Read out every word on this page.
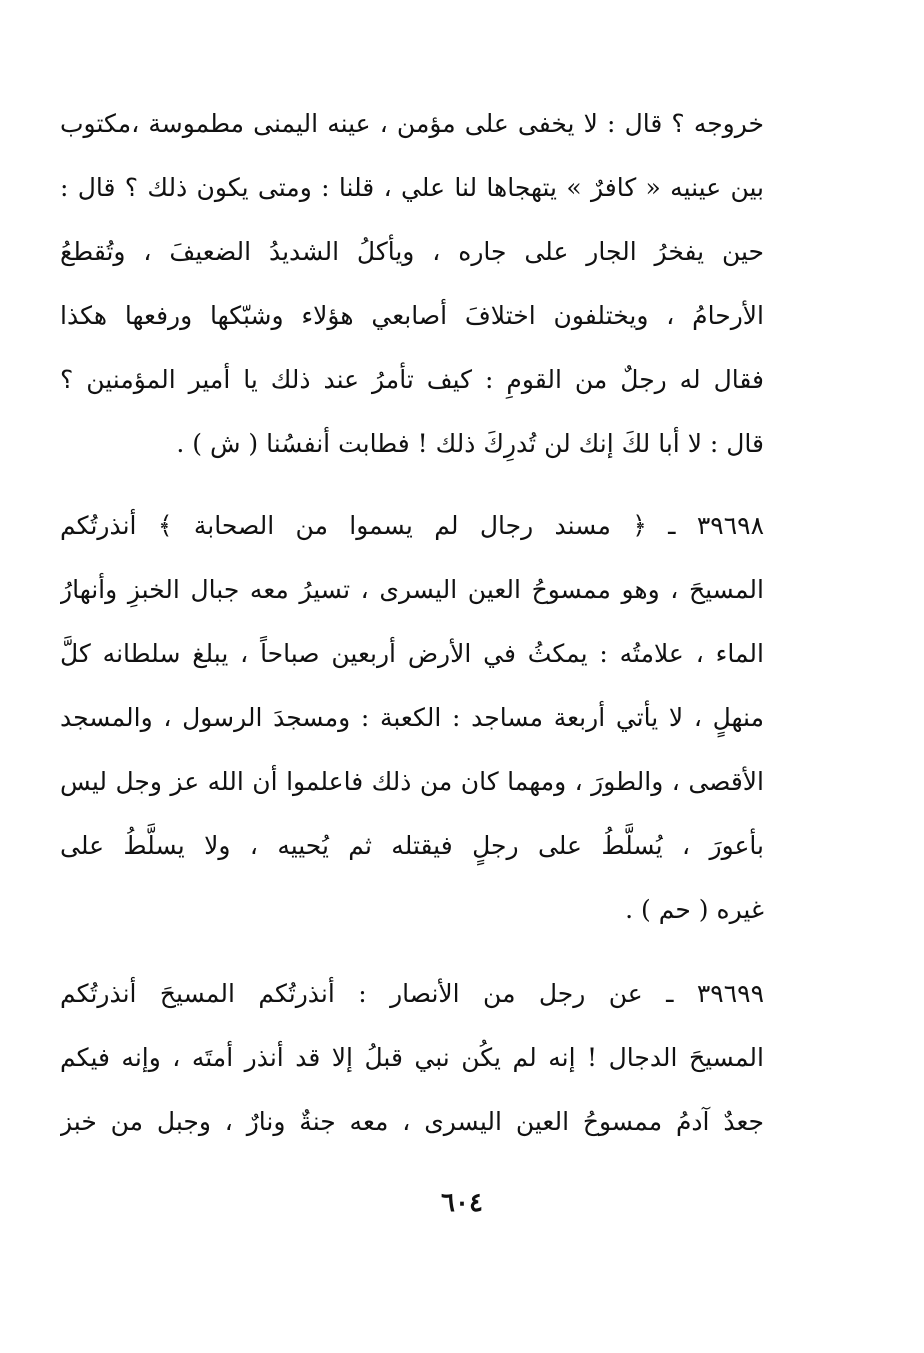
خروجه ؟ قال : لا يخفى على مؤمن ، عينه اليمنى مطموسة ،مكتوب
بين عينيه « كافرٌ » يتهجاها لنا علي ، قلنا : ومتى يكون ذلك ؟ قال :
حين يفخرُ الجار على جاره ، ويأكلُ الشديدُ الضعيفَ ، وتُقطعُ
الأرحامُ ، ويختلفون اختلافَ أصابعي هؤلاء وشبّكها ورفعها هكذا
فقال له رجلٌ من القومِ : كيف تأمرُ عند ذلك يا أمير المؤمنين ؟
قال : لا أبا لكَ إنك لن تُدرِكَ ذلك ! فطابت أنفسُنا ( ش ) .
٣٩٦٩٨ ـ ﴿ مسند رجال لم يسموا من الصحابة ﴾ أنذرتُكم
المسيحَ ، وهو ممسوحُ العين اليسرى ، تسيرُ معه جبال الخبزِ وأنهارُ
الماء ، علامتُه : يمكثُ في الأرض أربعين صباحاً ، يبلغ سلطانه كلَّ
منهلٍ ، لا يأتي أربعة مساجد : الكعبة : ومسجدَ الرسول ، والمسجد
الأقصى ، والطورَ ، ومهما كان من ذلك فاعلموا أن الله عز وجل ليس
بأعورَ ، يُسلَّطُ على رجلٍ فيقتله ثم يُحييه ، ولا يسلَّطُ على
غيره ( حم ) .
٣٩٦٩٩ ـ عن رجل من الأنصار : أنذرتُكم المسيحَ أنذرتُكم
المسيحَ الدجال ! إنه لم يكُن نبي قبلُ إلا قد أنذر أمتَه ، وإنه فيكم
جعدٌ آدمُ ممسوحُ العين اليسرى ، معه جنةٌ ونارٌ ، وجبل من خبز
٦٠٤
